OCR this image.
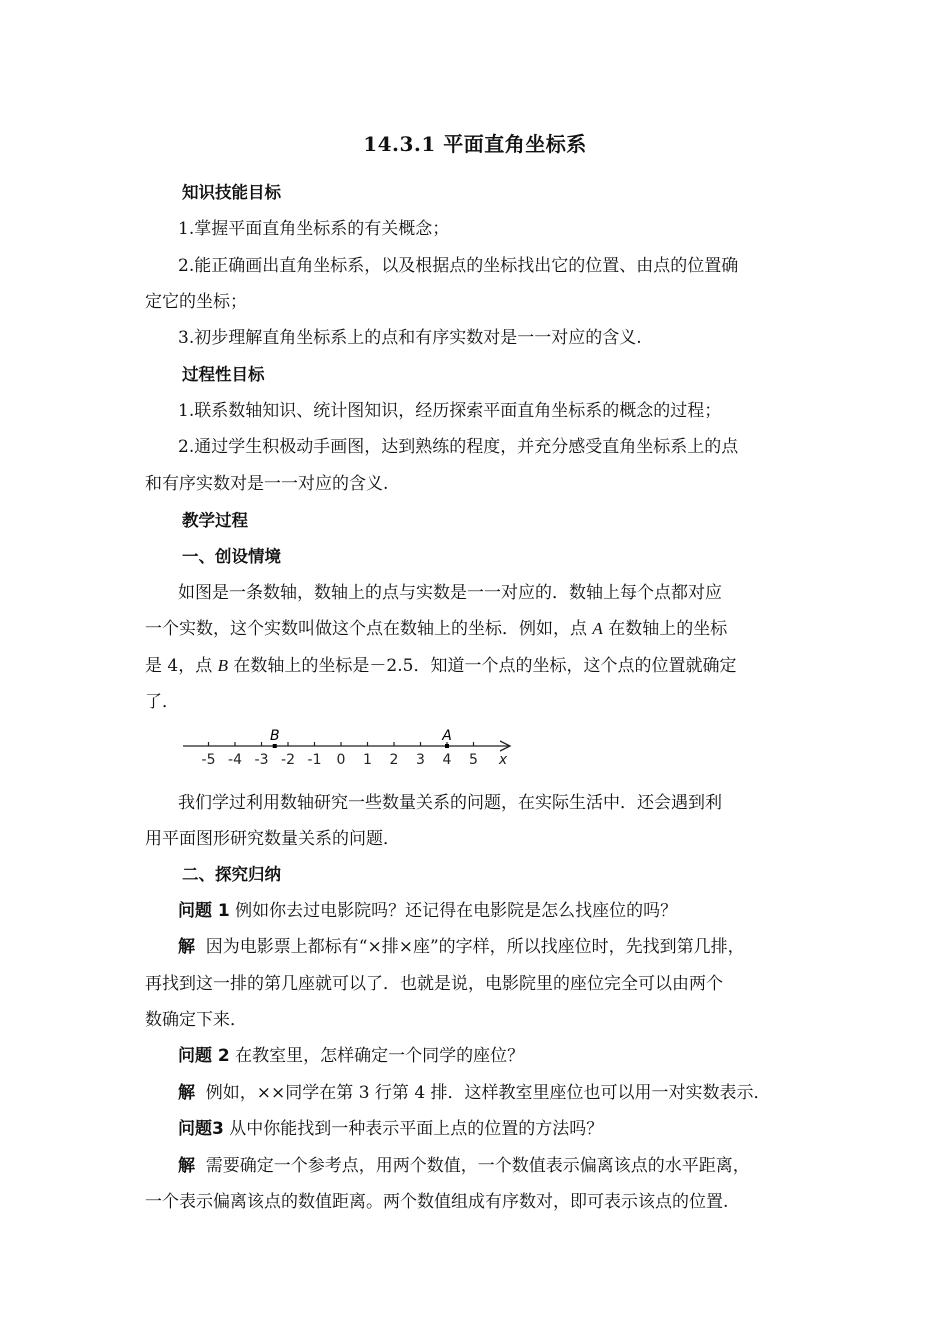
14.3.1 平面直角坐标系
知识技能目标
1.掌握平面直角坐标系的有关概念；
2.能正确画出直角坐标系，以及根据点的坐标找出它的位置、由点的位置确
定它的坐标；
3.初步理解直角坐标系上的点和有序实数对是一一对应的含义.
过程性目标
1.联系数轴知识、统计图知识，经历探索平面直角坐标系的概念的过程；
2.通过学生积极动手画图，达到熟练的程度，并充分感受直角坐标系上的点
和有序实数对是一一对应的含义.
教学过程
一、创设情境
如图是一条数轴，数轴上的点与实数是一一对应的．数轴上每个点都对应
一个实数，这个实数叫做这个点在数轴上的坐标．例如，点 A 在数轴上的坐标
是 4，点 B 在数轴上的坐标是－2.5．知道一个点的坐标，这个点的位置就确定
了．
-5 -4 -3 -2 -1 0 1 2 3 4 5 x
B	A
我们学过利用数轴研究一些数量关系的问题，在实际生活中．还会遇到利
用平面图形研究数量关系的问题．
二、探究归纳
问题 1 例如你去过电影院吗？还记得在电影院是怎么找座位的吗？
解  因为电影票上都标有“×排×座”的字样，所以找座位时，先找到第几排，
再找到这一排的第几座就可以了．也就是说，电影院里的座位完全可以由两个
数确定下来．
问题 2 在教室里，怎样确定一个同学的座位？
解  例如，××同学在第 3 行第 4 排．这样教室里座位也可以用一对实数表示．
问题3 从中你能找到一种表示平面上点的位置的方法吗？
解  需要确定一个参考点，用两个数值，一个数值表示偏离该点的水平距离，
一个表示偏离该点的数值距离。两个数值组成有序数对，即可表示该点的位置.
